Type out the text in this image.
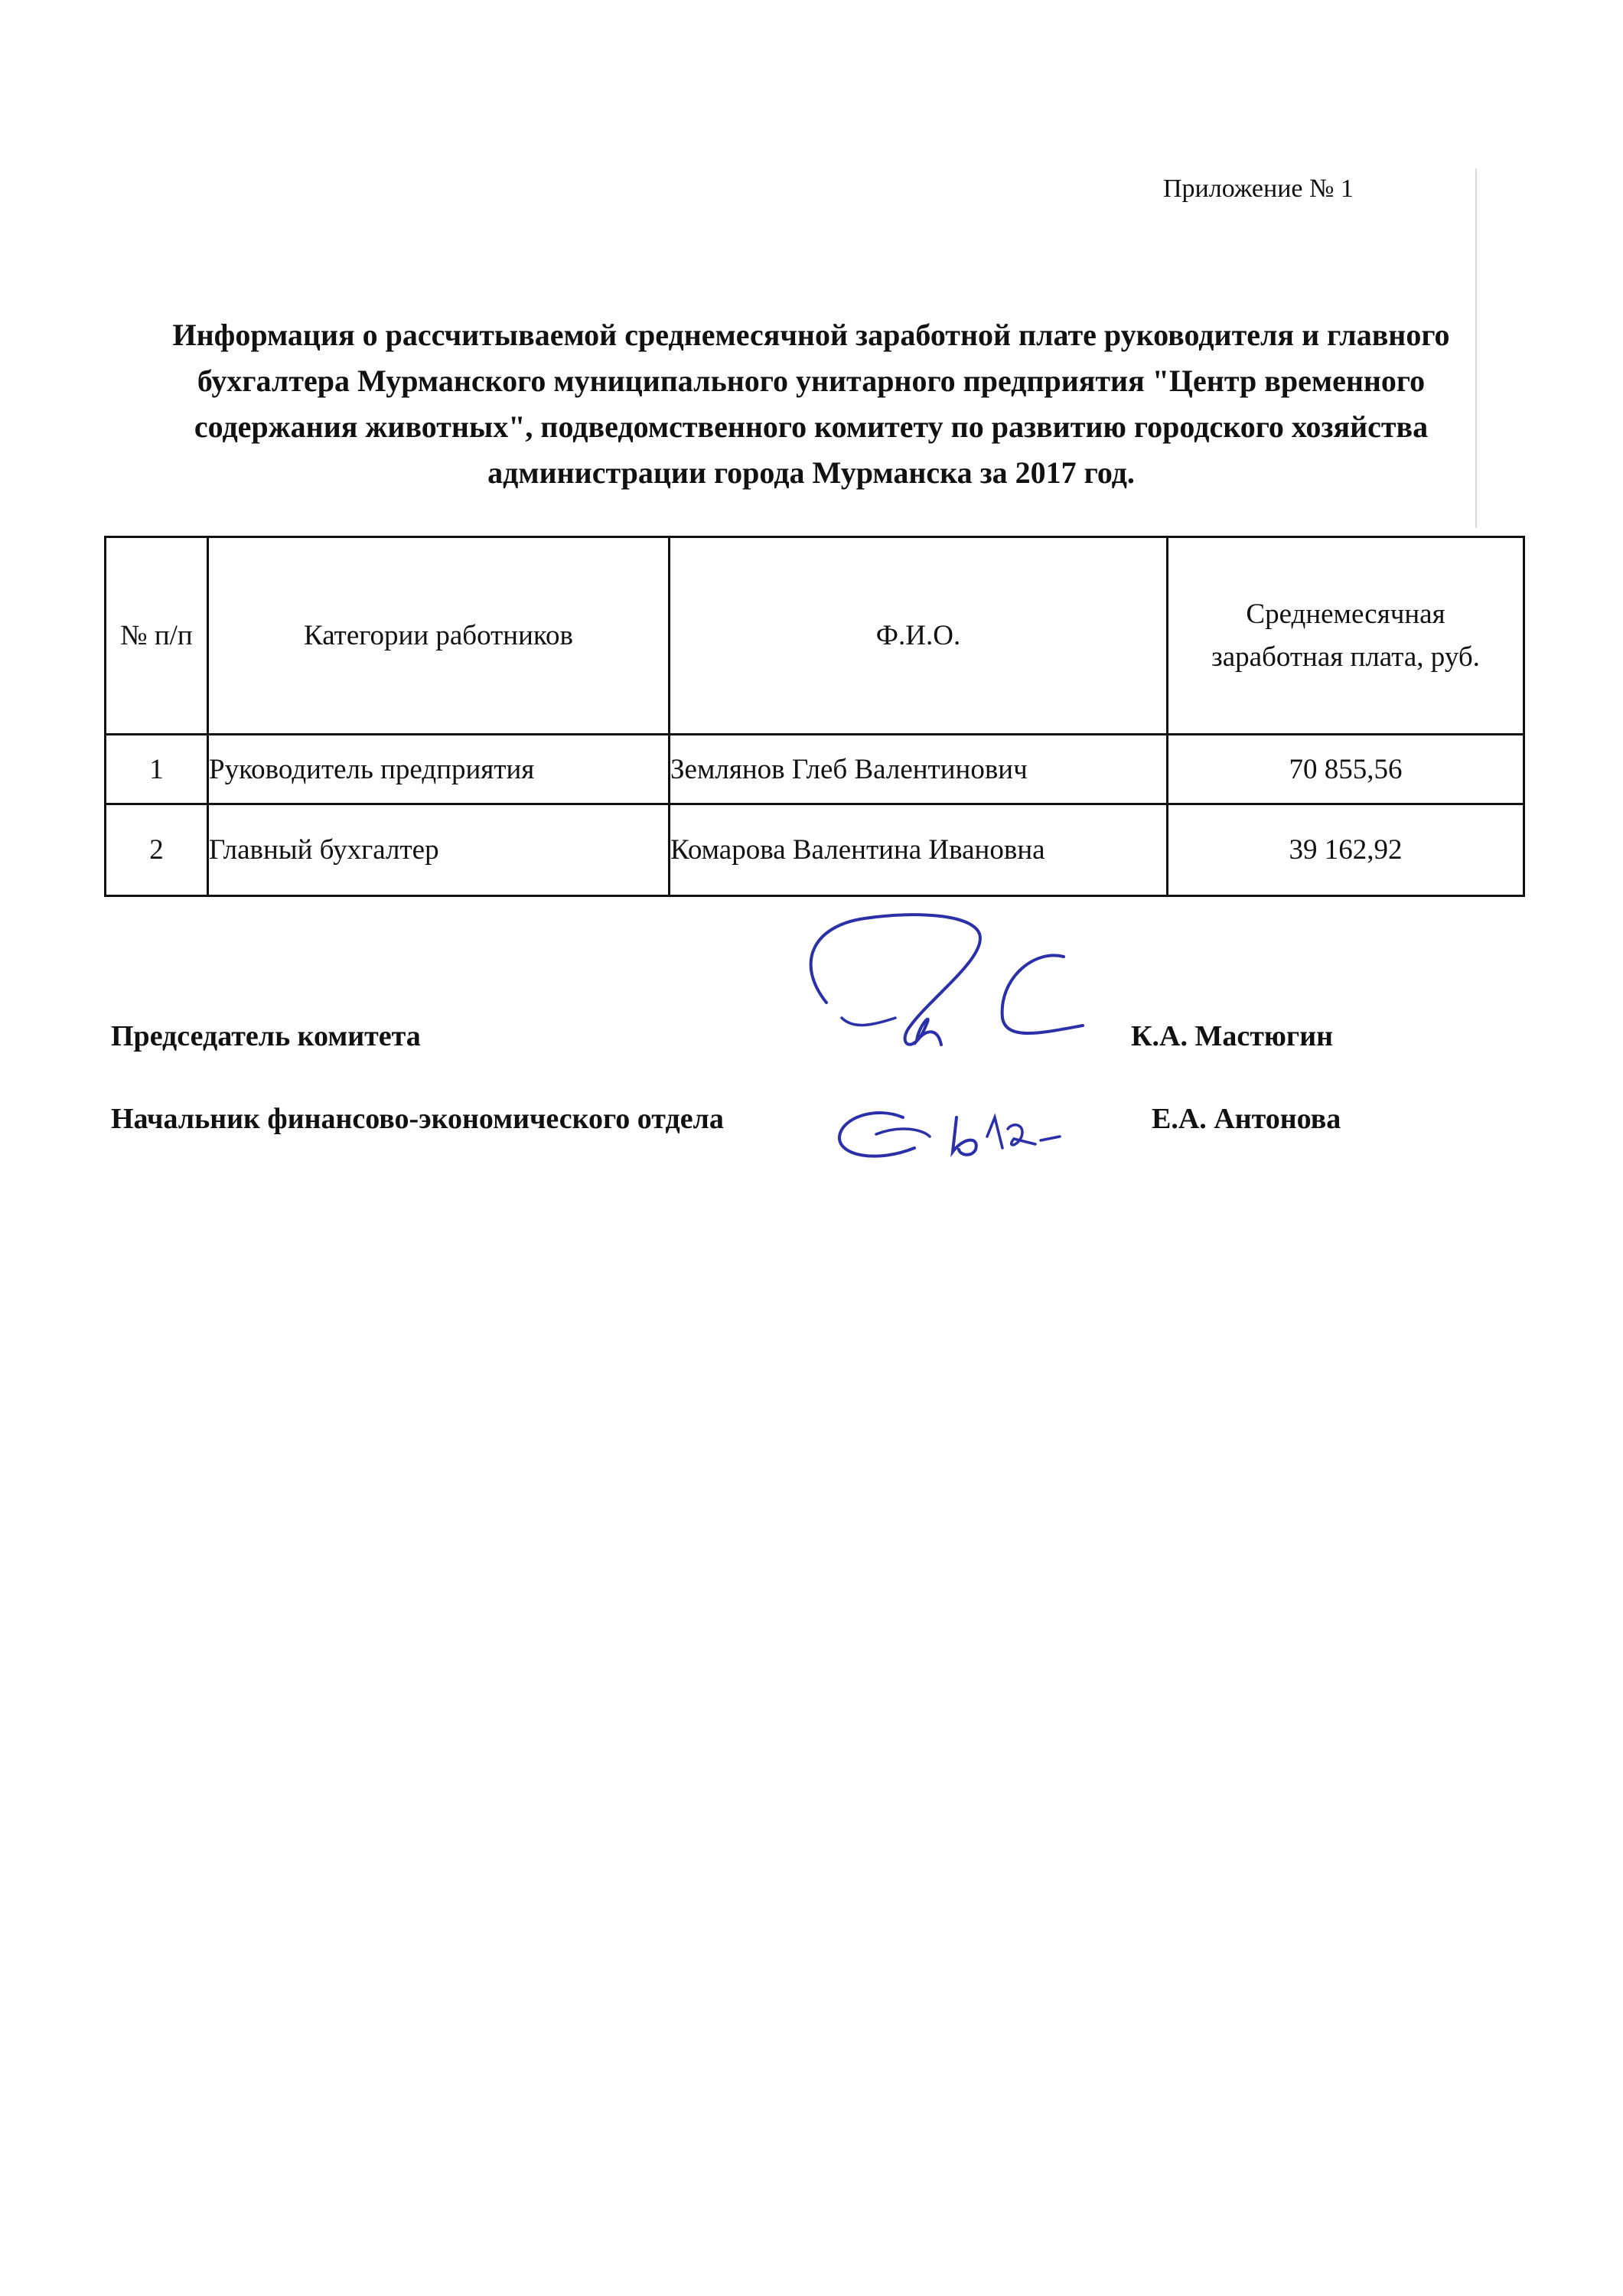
Приложение № 1
Информация о рассчитываемой среднемесячной заработной плате руководителя и главного
бухгалтера Мурманского муниципального унитарного предприятия "Центр временного
содержания животных", подведомственного комитету по развитию городского хозяйства
администрации города Мурманска за 2017 год.
№ п/п	Категории работников	Ф.И.О.	Среднемесячная
заработная плата, руб.

1	Руководитель предприятия	Землянов Глеб Валентинович	70 855,56
2	Главный бухгалтер	Комарова Валентина Ивановна	39 162,92
Председатель комитета	К.А. Мастюгин
Начальник финансово-экономического отдела	Е.А. Антонова
